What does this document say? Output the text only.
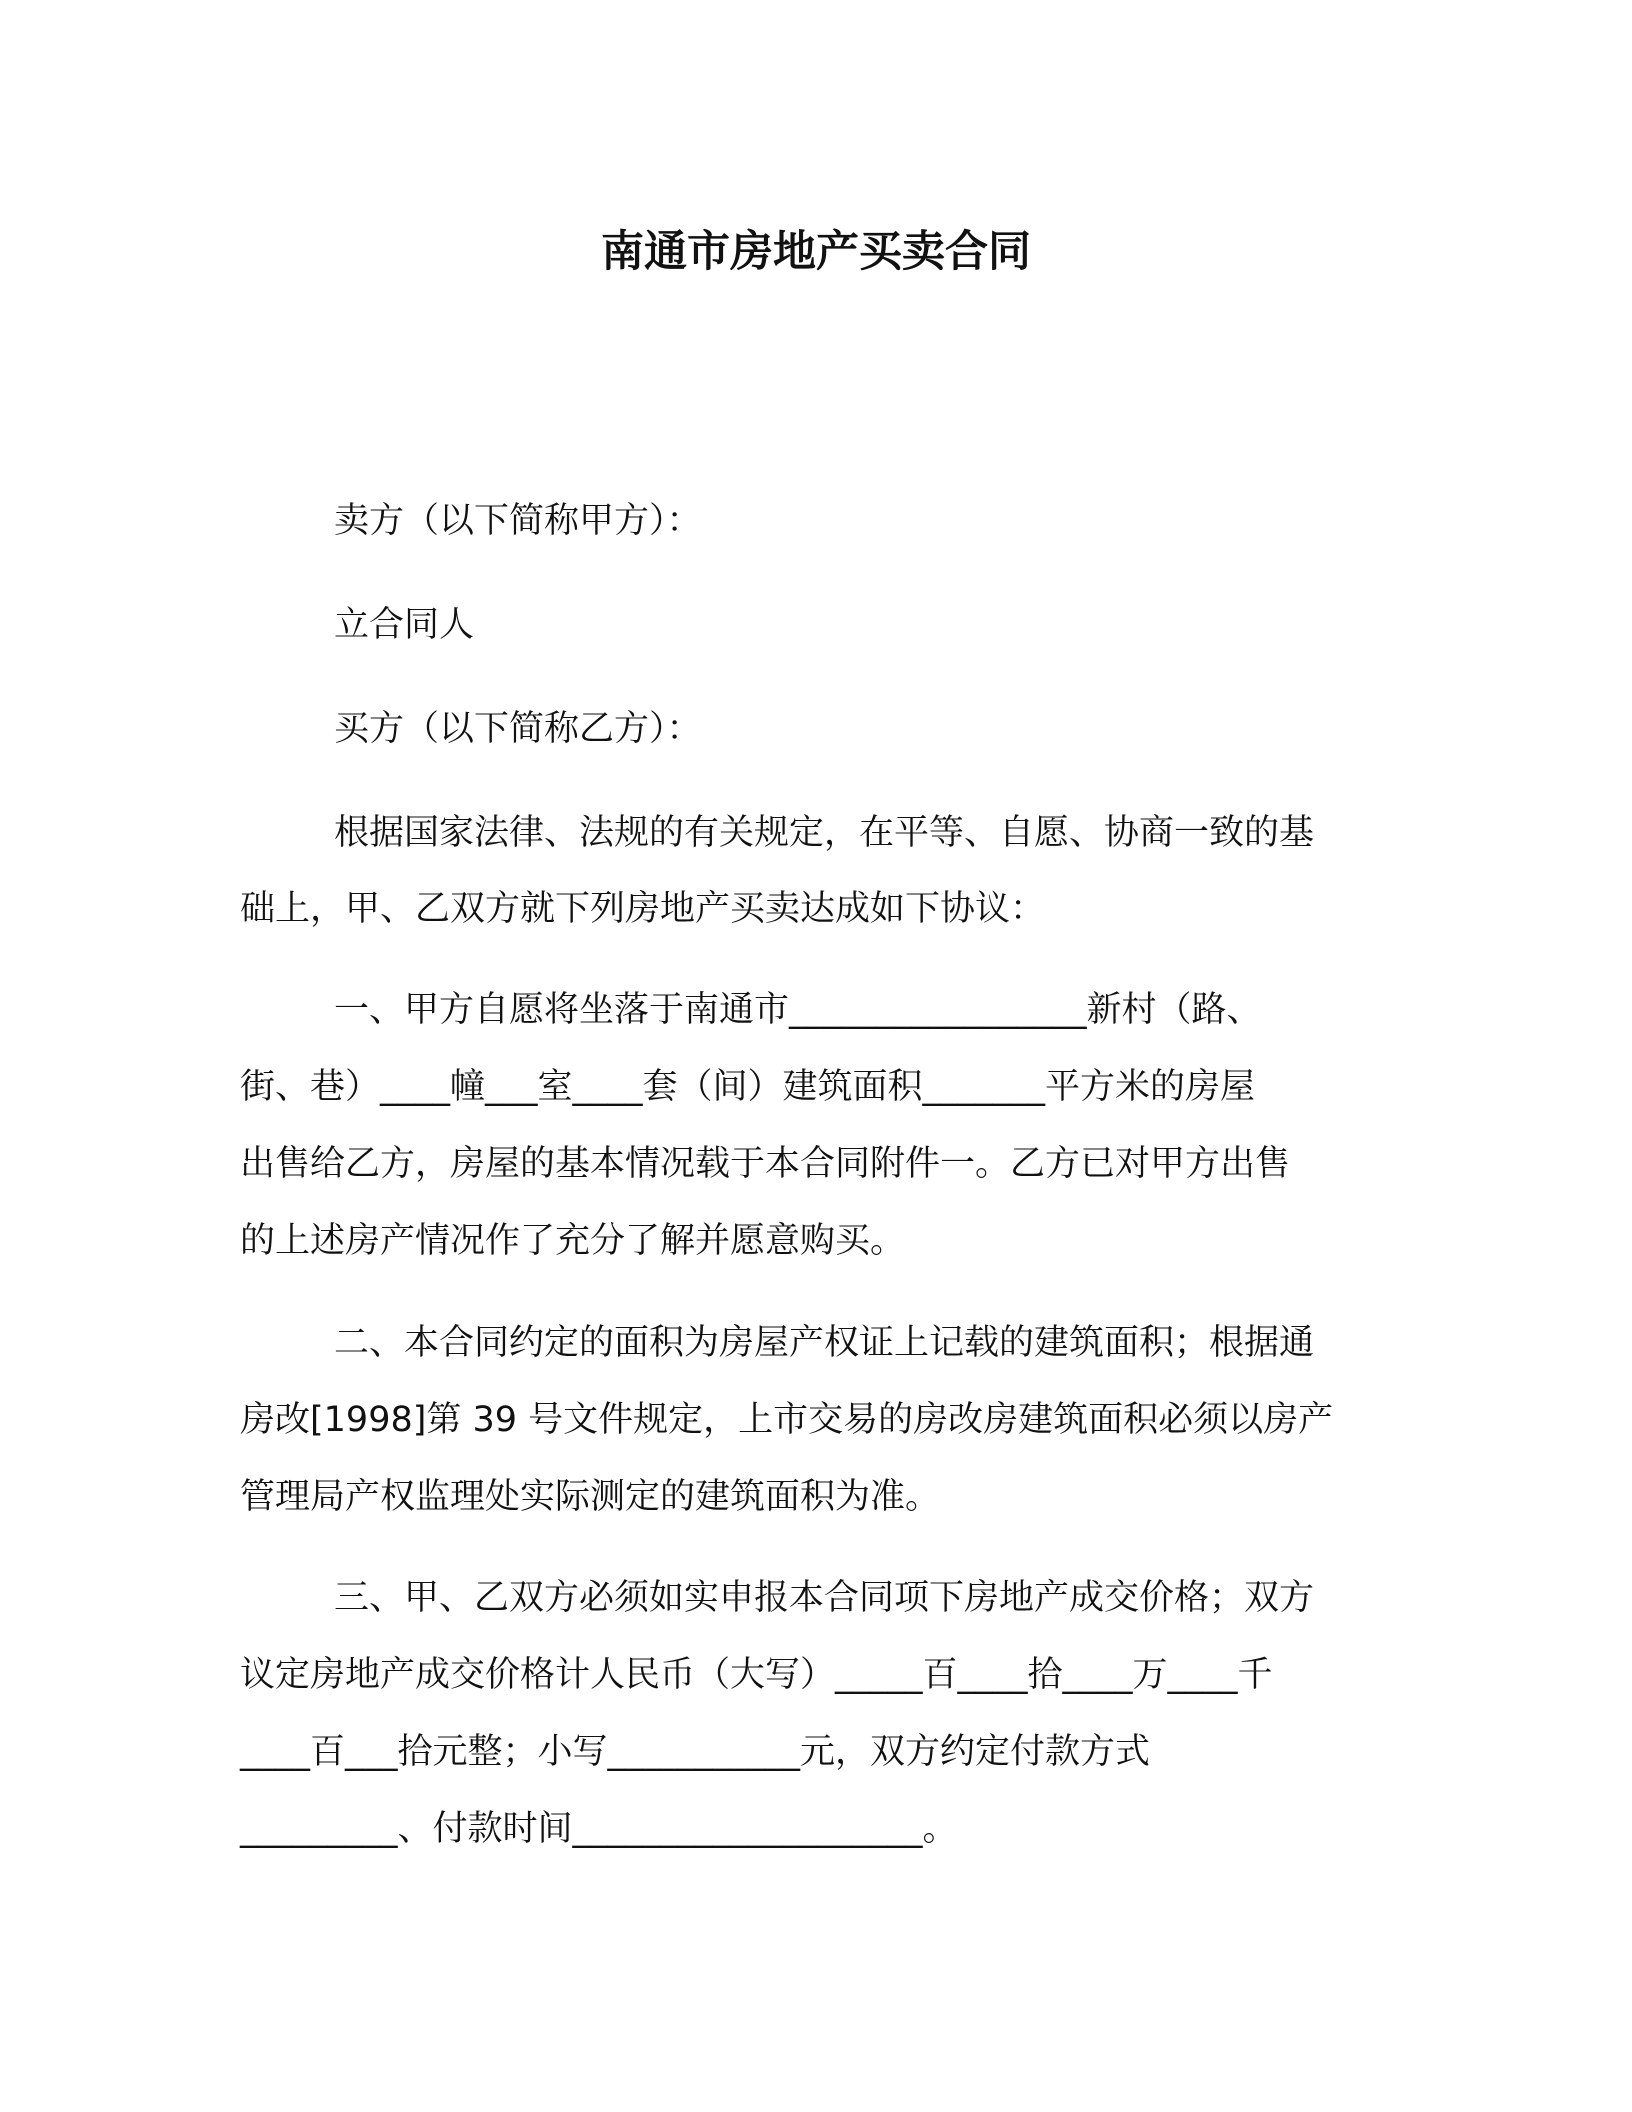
南通市房地产买卖合同
卖方（以下简称甲方）：
立合同人
买方（以下简称乙方）：
根据国家法律、法规的有关规定，在平等、自愿、协商一致的基
础上，甲、乙双方就下列房地产买卖达成如下协议：
一、甲方自愿将坐落于南通市_________________新村（路、
街、巷）____幢___室____套（间）建筑面积_______平方米的房屋
出售给乙方，房屋的基本情况载于本合同附件一。乙方已对甲方出售
的上述房产情况作了充分了解并愿意购买。
二、本合同约定的面积为房屋产权证上记载的建筑面积；根据通
房改[1998]第 39 号文件规定，上市交易的房改房建筑面积必须以房产
管理局产权监理处实际测定的建筑面积为准。
三、甲、乙双方必须如实申报本合同项下房地产成交价格；双方
议定房地产成交价格计人民币（大写）_____百____拾____万____千
____百___拾元整；小写___________元，双方约定付款方式
_________、付款时间____________________。
